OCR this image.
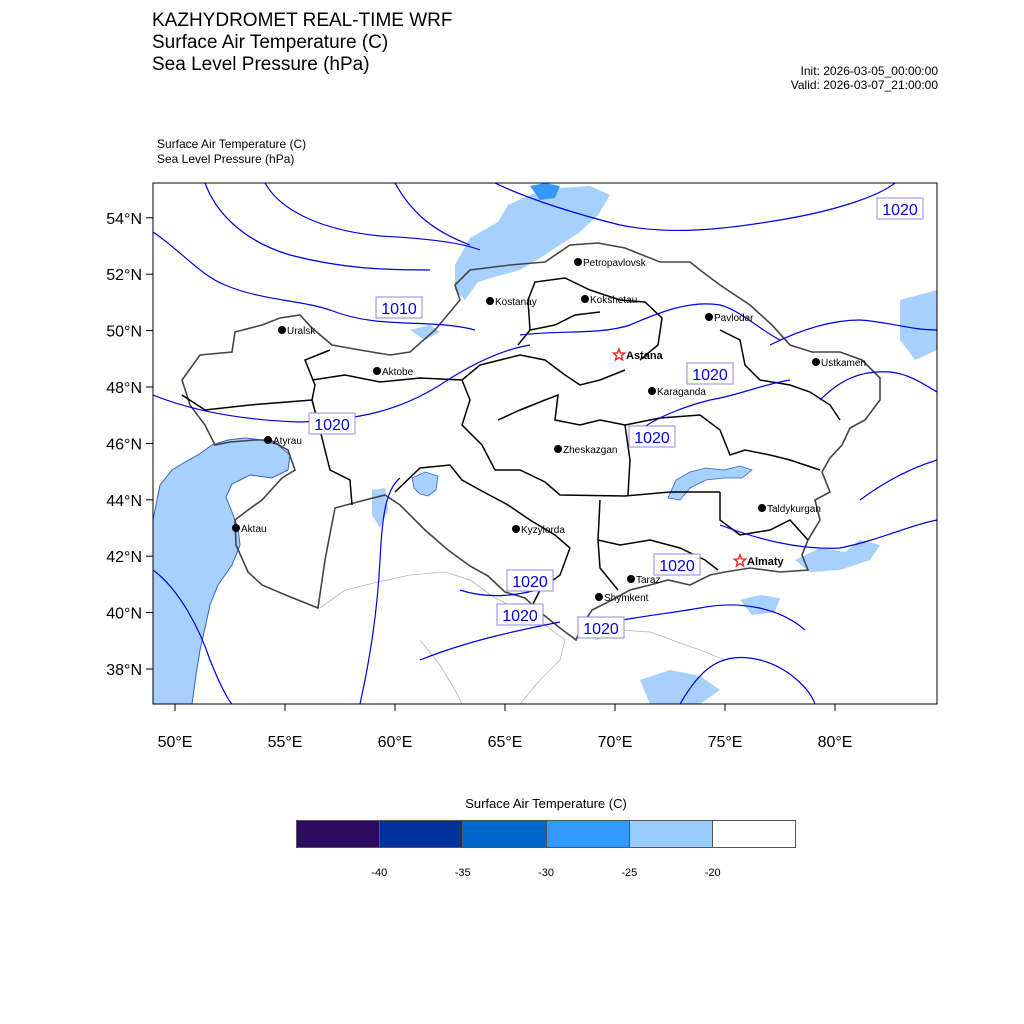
KAZHYDROMET REAL-TIME WRF
Surface Air Temperature (C)
Sea Level Pressure (hPa)	Init: 2026-03-05_00:00:00
Valid: 2026-03-07_21:00:00
Surface Air Temperature (C)
Sea Level Pressure (hPa)
1010
1020
1020
1020
1020
1020
1020
1020
1020
Petropavlovsk
Kostanay	Kokshetau
Pavlodar
Uralsk
Astana
Aktobe
Ustkamen
Karaganda
Atyrau
Zheskazgan
Taldykurgan
Aktau	Kyzylorda
Almaty
Taraz
Shymkent
54°N
52°N
50°N
48°N
46°N
44°N
42°N
40°N
38°N
50°E	55°E	60°E	65°E	70°E	75°E	80°E
Surface Air Temperature (C)
-40	-35	-30	-25	-20
